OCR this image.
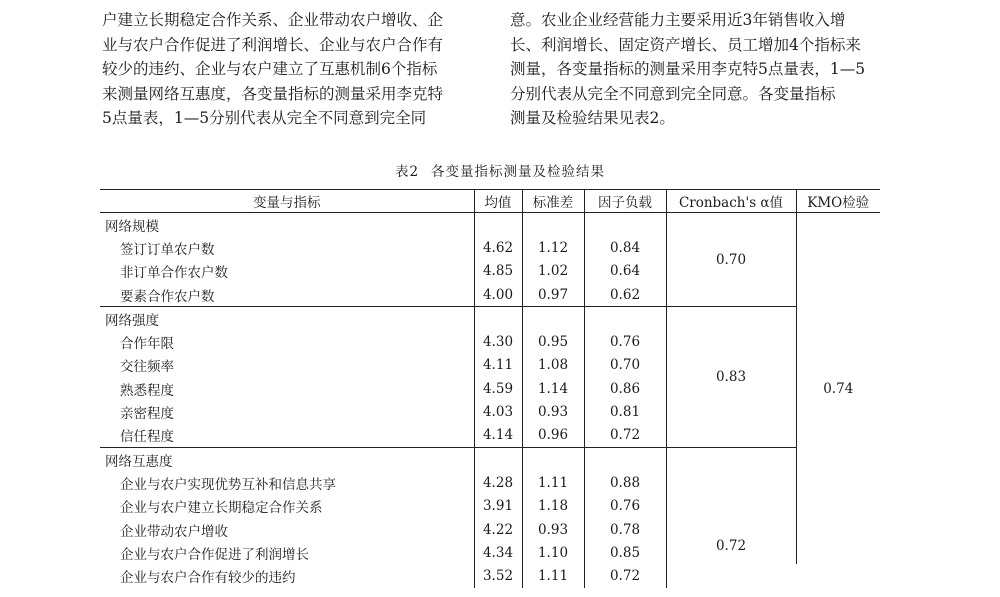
户建立长期稳定合作关系、企业带动农户增收、企
业与农户合作促进了利润增长、企业与农户合作有
较少的违约、企业与农户建立了互惠机制6个指标
来测量网络互惠度，各变量指标的测量采用李克特
5点量表，1—5分别代表从完全不同意到完全同
意。农业企业经营能力主要采用近3年销售收入增
长、利润增长、固定资产增长、员工增加4个指标来
测量，各变量指标的测量采用李克特5点量表，1—5
分别代表从完全不同意到完全同意。各变量指标
测量及检验结果见表2。
表2 各变量指标测量及检验结果
变量与指标	均值	标准差	因子负载	Cronbach's α值	KMO检验
网络规模				0.70	0.74
签订订单农户数	4.62	1.12	0.84		
非订单合作农户数	4.85	1.02	0.64		
要素合作农户数	4.00	0.97	0.62		
网络强度				0.83	
合作年限	4.30	0.95	0.76		
交往频率	4.11	1.08	0.70		
熟悉程度	4.59	1.14	0.86		
亲密程度	4.03	0.93	0.81		
信任程度	4.14	0.96	0.72		
网络互惠度				0.72	
企业与农户实现优势互补和信息共享	4.28	1.11	0.88		
企业与农户建立长期稳定合作关系	3.91	1.18	0.76		
企业带动农户增收	4.22	0.93	0.78		
企业与农户合作促进了利润增长	4.34	1.10	0.85		
企业与农户合作有较少的违约	3.52	1.11	0.72		
